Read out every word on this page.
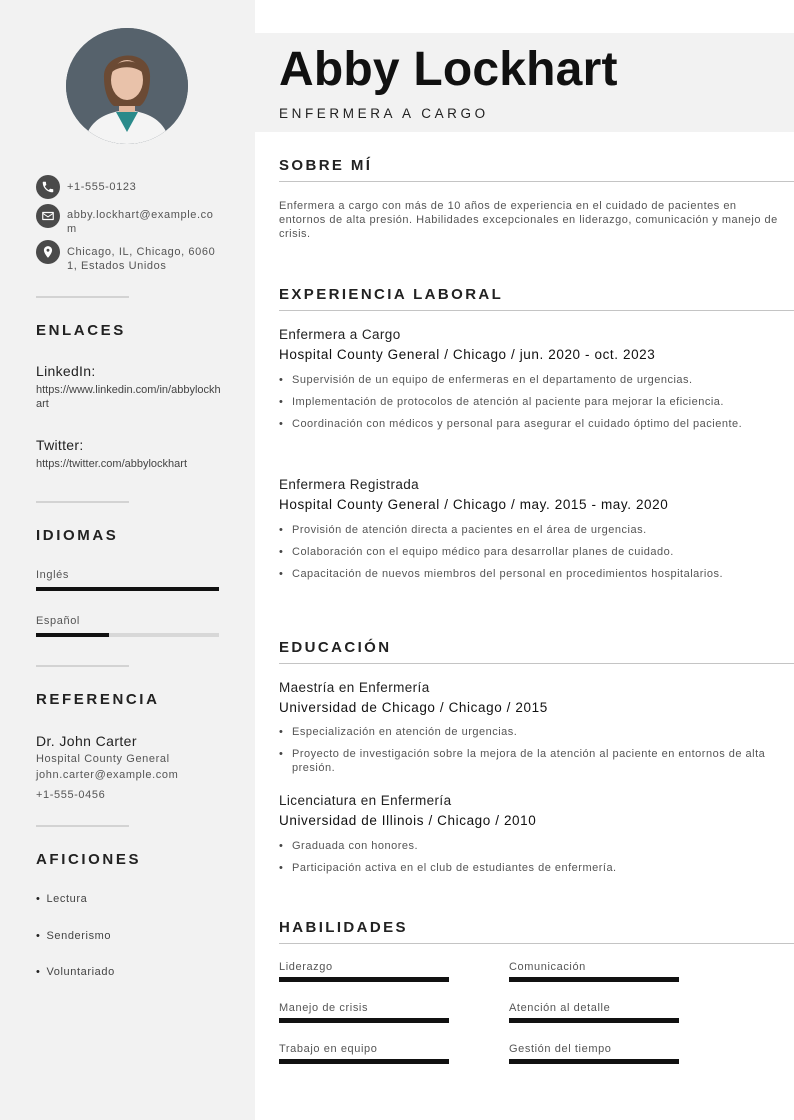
+1-555-0123
abby.lockhart@example.com
Chicago, IL, Chicago, 60601, Estados Unidos
ENLACES
LinkedIn:
https://www.linkedin.com/in/abbylockhart
Twitter:
https://twitter.com/abbylockhart
IDIOMAS
Inglés
Español
REFERENCIA
Dr. John Carter
Hospital County General
john.carter@example.com
+1-555-0456
AFICIONES
• Lectura
• Senderismo
• Voluntariado
Abby Lockhart
ENFERMERA A CARGO
SOBRE MÍ
Enfermera a cargo con más de 10 años de experiencia en el cuidado de pacientes en entornos de alta presión. Habilidades excepcionales en liderazgo, comunicación y manejo de crisis.
EXPERIENCIA LABORAL
Enfermera a Cargo
Hospital County General / Chicago / jun. 2020 - oct. 2023
• Supervisión de un equipo de enfermeras en el departamento de urgencias.
• Implementación de protocolos de atención al paciente para mejorar la eficiencia.
• Coordinación con médicos y personal para asegurar el cuidado óptimo del paciente.
Enfermera Registrada
Hospital County General / Chicago / may. 2015 - may. 2020
• Provisión de atención directa a pacientes en el área de urgencias.
• Colaboración con el equipo médico para desarrollar planes de cuidado.
• Capacitación de nuevos miembros del personal en procedimientos hospitalarios.
EDUCACIÓN
Maestría en Enfermería
Universidad de Chicago / Chicago / 2015
• Especialización en atención de urgencias.
• Proyecto de investigación sobre la mejora de la atención al paciente en entornos de alta presión.
Licenciatura en Enfermería
Universidad de Illinois / Chicago / 2010
• Graduada con honores.
• Participación activa en el club de estudiantes de enfermería.
HABILIDADES
Liderazgo	Comunicación
Manejo de crisis	Atención al detalle
Trabajo en equipo	Gestión del tiempo
